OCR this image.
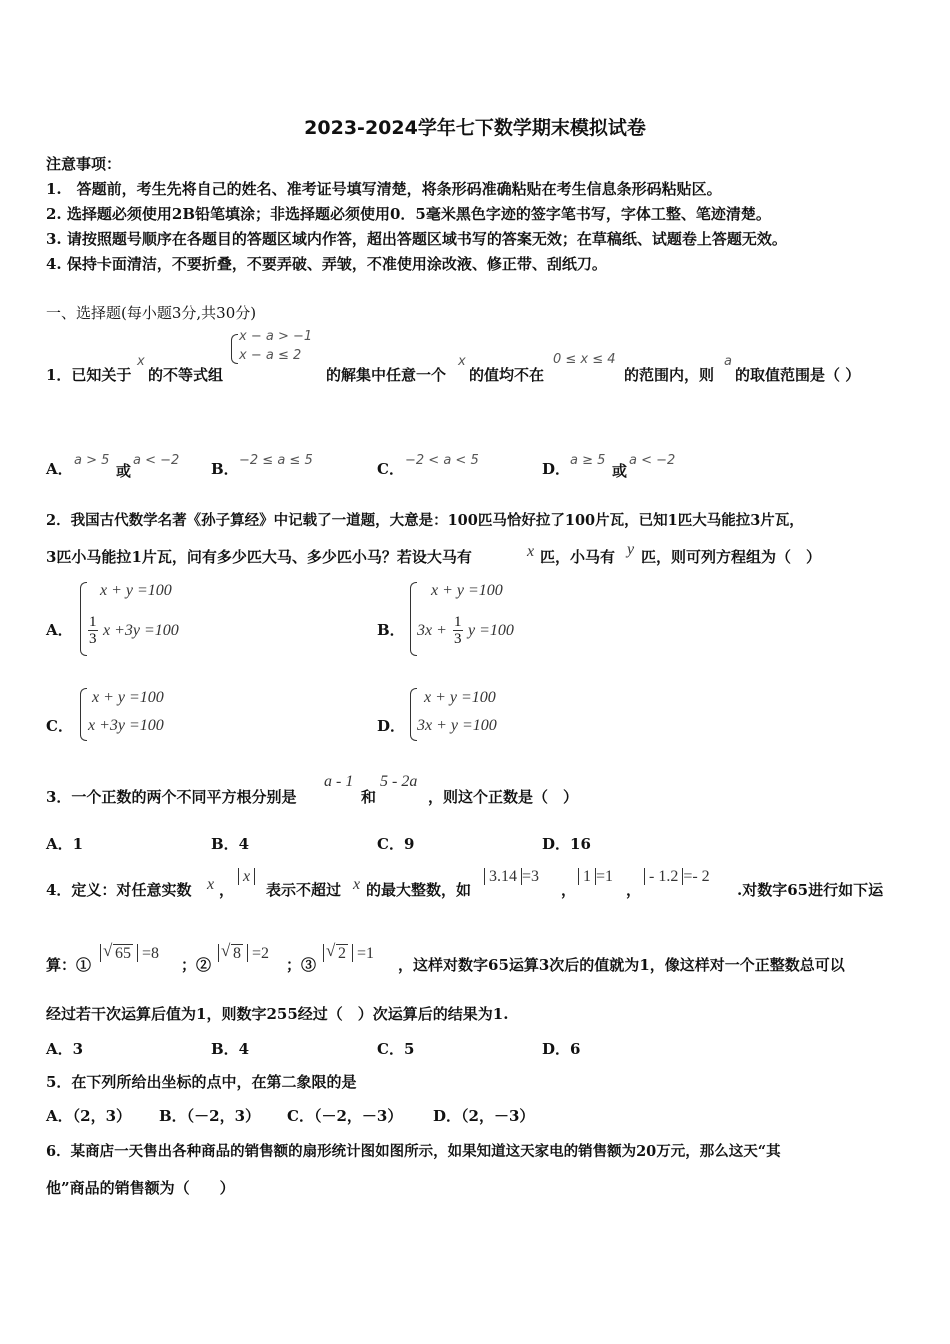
2023-2024学年七下数学期末模拟试卷
注意事项：
1.　答题前，考生先将自己的姓名、准考证号填写清楚，将条形码准确粘贴在考生信息条形码粘贴区。
2. 选择题必须使用2B铅笔填涂；非选择题必须使用0．5毫米黑色字迹的签字笔书写，字体工整、笔迹清楚。
3. 请按照题号顺序在各题目的答题区域内作答，超出答题区域书写的答案无效；在草稿纸、试题卷上答题无效。
4. 保持卡面清洁，不要折叠，不要弄破、弄皱，不准使用涂改液、修正带、刮纸刀。
一、选择题(每小题3分,共30分)
1．已知关于
x
的不等式组
x − a > −1
x − a ≤ 2
的解集中任意一个
x
的值均不在
0 ≤ x ≤ 4
的范围内，则
a
的取值范围是（ ）
A． a > 5
或
a < −2 B． −2 ≤ a ≤ 5	C． −2 < a < 5	D． a ≥ 5
或
a < −2
2．我国古代数学名著《孙子算经》中记载了一道题，大意是：100匹马恰好拉了100片瓦，已知1匹大马能拉3片瓦，
3匹小马能拉1片瓦，问有多少匹大马、多少匹小马？若设大马有	x 匹，小马有 y 匹，则可列方程组为（　）
A．
x + y =100
$\frac{1}{3}$ x +3y =100	B．
x + y =100
$3x + \frac{1}{3}$ y =100
C．
x + y =100
x +3y =100	D．
x + y =100
3x + y =100
3．一个正数的两个不同平方根分别是
a - 1
和
5 - 2a
，则这个正数是（　）
A．1	B．4	C．9	D．16
4．定义：对任意实数 x ，
x
表示不超过 x 的最大整数，如
3.14 =3
，
1 =1
，
- 1.2 =- 2
.对数字65进行如下运
算：①
√ 65 =8
；②
√ 8 =2
；③
√ 2 =1
，这样对数字65运算3次后的值就为1，像这样对一个正整数总可以
经过若干次运算后值为1，则数字255经过（　）次运算后的结果为1.
A．3	B．4	C．5	D．6
5．在下列所给出坐标的点中，在第二象限的是
A．（2，3） B．（－2，3） C．（－2，－3） D．（2，－3）
6．某商店一天售出各种商品的销售额的扇形统计图如图所示，如果知道这天家电的销售额为20万元，那么这天“其
他”商品的销售额为（　　）
